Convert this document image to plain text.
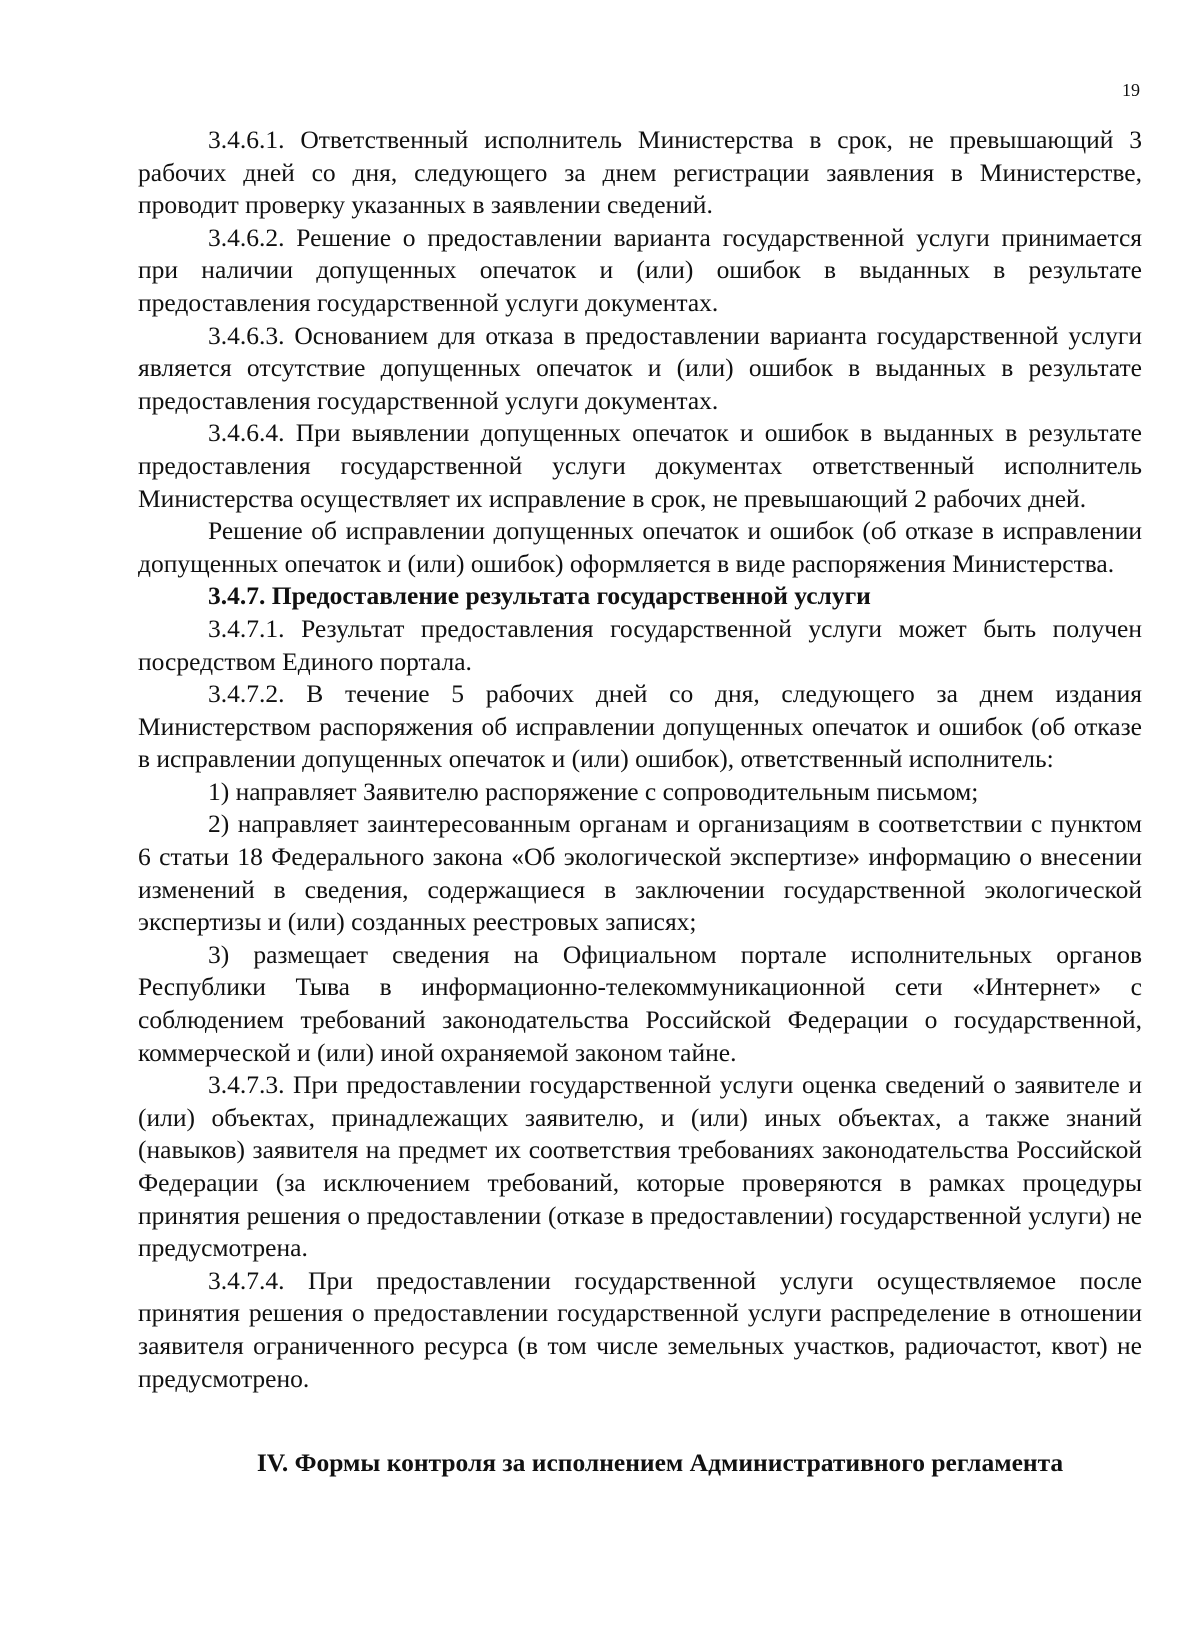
19

3.4.6.1. Ответственный исполнитель Министерства в срок, не превышающий 3 рабочих дней со дня, следующего за днем регистрации заявления в Министерстве, проводит проверку указанных в заявлении сведений.

3.4.6.2. Решение о предоставлении варианта государственной услуги принимается при наличии допущенных опечаток и (или) ошибок в выданных в результате предоставления государственной услуги документах.

3.4.6.3. Основанием для отказа в предоставлении варианта государственной услуги является отсутствие допущенных опечаток и (или) ошибок в выданных в результате предоставления государственной услуги документах.

3.4.6.4. При выявлении допущенных опечаток и ошибок в выданных в результате предоставления государственной услуги документах ответственный исполнитель Министерства осуществляет их исправление в срок, не превышающий 2 рабочих дней.

Решение об исправлении допущенных опечаток и ошибок (об отказе в исправлении допущенных опечаток и (или) ошибок) оформляется в виде распоряжения Министерства.

3.4.7. Предоставление результата государственной услуги

3.4.7.1. Результат предоставления государственной услуги может быть получен посредством Единого портала.

3.4.7.2. В течение 5 рабочих дней со дня, следующего за днем издания Министерством распоряжения об исправлении допущенных опечаток и ошибок (об отказе в исправлении допущенных опечаток и (или) ошибок), ответственный исполнитель:

1) направляет Заявителю распоряжение с сопроводительным письмом;

2) направляет заинтересованным органам и организациям в соответствии с пунктом 6 статьи 18 Федерального закона «Об экологической экспертизе» информацию о внесении изменений в сведения, содержащиеся в заключении государственной экологической экспертизы и (или) созданных реестровых записях;

3) размещает сведения на Официальном портале исполнительных органов Республики Тыва в информационно-телекоммуникационной сети «Интернет» с соблюдением требований законодательства Российской Федерации о государственной, коммерческой и (или) иной охраняемой законом тайне.

3.4.7.3. При предоставлении государственной услуги оценка сведений о заявителе и (или) объектах, принадлежащих заявителю, и (или) иных объектах, а также знаний (навыков) заявителя на предмет их соответствия требованиях законодательства Российской Федерации (за исключением требований, которые проверяются в рамках процедуры принятия решения о предоставлении (отказе в предоставлении) государственной услуги) не предусмотрена.

3.4.7.4. При предоставлении государственной услуги осуществляемое после принятия решения о предоставлении государственной услуги распределение в отношении заявителя ограниченного ресурса (в том числе земельных участков, радиочастот, квот) не предусмотрено.

IV. Формы контроля за исполнением Административного регламента
